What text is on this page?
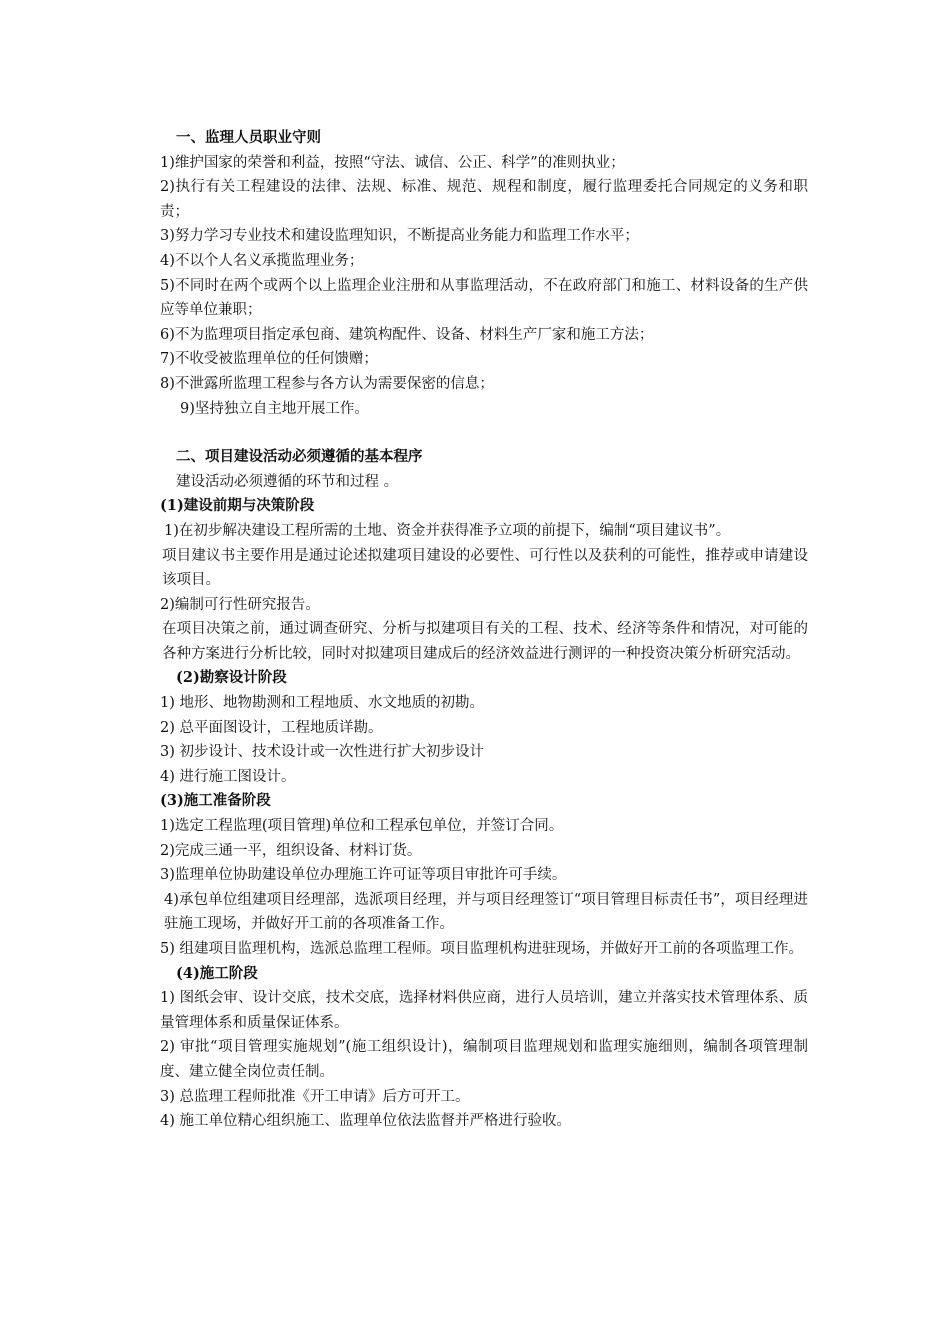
一、监理人员职业守则

1)维护国家的荣誉和利益，按照“守法、诚信、公正、科学”的准则执业；

2)执行有关工程建设的法律、法规、标准、规范、规程和制度，履行监理委托合同规定的义务和职责；

3)努力学习专业技术和建设监理知识，不断提高业务能力和监理工作水平；

4)不以个人名义承揽监理业务；

5)不同时在两个或两个以上监理企业注册和从事监理活动，不在政府部门和施工、材料设备的生产供应等单位兼职；

6)不为监理项目指定承包商、建筑构配件、设备、材料生产厂家和施工方法；

7)不收受被监理单位的任何馈赠；

8)不泄露所监理工程参与各方认为需要保密的信息；

9)坚持独立自主地开展工作。

二、项目建设活动必须遵循的基本程序

建设活动必须遵循的环节和过程 。

(1)建设前期与决策阶段

1)在初步解决建设工程所需的土地、资金并获得准予立项的前提下，编制“项目建议书”。

项目建议书主要作用是通过论述拟建项目建设的必要性、可行性以及获利的可能性，推荐或申请建设该项目。

2)编制可行性研究报告。

在项目决策之前，通过调查研究、分析与拟建项目有关的工程、技术、经济等条件和情况，对可能的各种方案进行分析比较，同时对拟建项目建成后的经济效益进行测评的一种投资决策分析研究活动。

(2)勘察设计阶段

1) 地形、地物勘测和工程地质、水文地质的初勘。

2) 总平面图设计，工程地质详勘。

3) 初步设计、技术设计或一次性进行扩大初步设计

4) 进行施工图设计。

(3)施工准备阶段

1)选定工程监理(项目管理)单位和工程承包单位，并签订合同。

2)完成三通一平，组织设备、材料订货。

3)监理单位协助建设单位办理施工许可证等项目审批许可手续。

4)承包单位组建项目经理部，选派项目经理，并与项目经理签订“项目管理目标责任书”，项目经理进驻施工现场，并做好开工前的各项准备工作。

5) 组建项目监理机构，选派总监理工程师。项目监理机构进驻现场，并做好开工前的各项监理工作。

(4)施工阶段

1) 图纸会审、设计交底，技术交底，选择材料供应商，进行人员培训，建立并落实技术管理体系、质量管理体系和质量保证体系。

2) 审批“项目管理实施规划”(施工组织设计)，编制项目监理规划和监理实施细则，编制各项管理制度、建立健全岗位责任制。

3) 总监理工程师批准《开工申请》后方可开工。

4) 施工单位精心组织施工、监理单位依法监督并严格进行验收。
